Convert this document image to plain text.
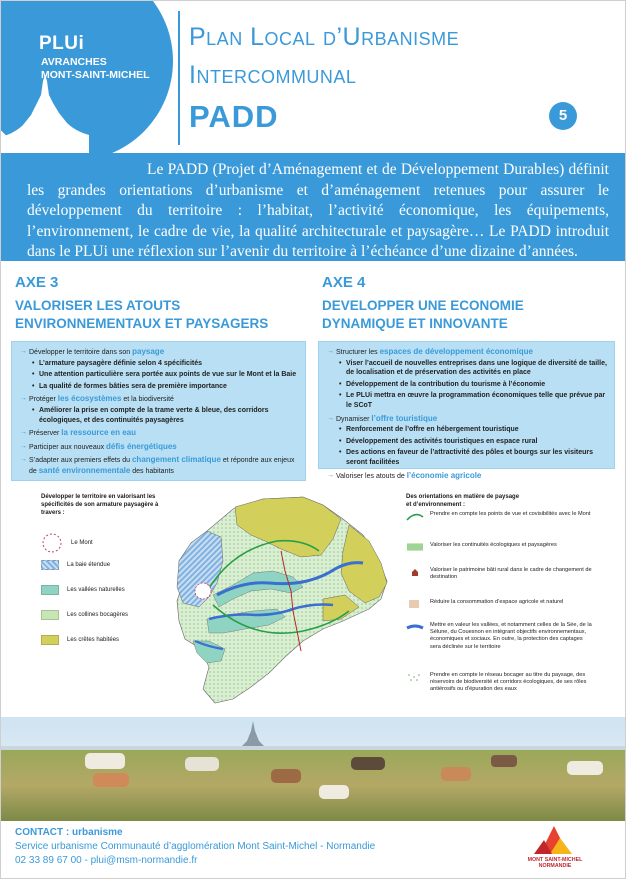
PLUi
AVRANCHES
MONT-SAINT-MICHEL
Plan Local d’Urbanisme
Intercommunal
PADD	5
Le PADD (Projet d’Aménagement et de Développement Durables) définit les grandes orientations d’urbanisme et d’aménagement retenues pour assurer le développement du territoire : l’habitat, l’activité économique, les équipements, l’environnement, le cadre de vie, la qualité architecturale et paysagère… Le PADD introduit dans le PLUi une réflexion sur l’avenir du territoire à l’échéance d’une dizaine d’années.
AXE 3
VALORISER LES ATOUTS
ENVIRONNEMENTAUX ET PAYSAGERS
→ Développer le territoire dans son paysage
• L’armature paysagère définie selon 4 spécificités
• Une attention particulière sera portée aux points de vue sur le Mont et la Baie
• La qualité de formes bâties sera de première importance
→ Protéger les écosystèmes et la biodiversité
• Améliorer la prise en compte de la trame verte & bleue, des corridors écologiques, et des continuités paysagères
→ Préserver la ressource en eau
→ Participer aux nouveaux défis énergétiques
→ S’adapter aux premiers effets du changement climatique et répondre aux enjeux de santé environnementale des habitants
AXE 4
DEVELOPPER UNE ECONOMIE
DYNAMIQUE ET INNOVANTE
→ Structurer les espaces de développement économique
• Viser l’accueil de nouvelles entreprises dans une logique de diversité de taille, de localisation et de préservation des activités en place
• Développement de la contribution du tourisme à l’économie
• Le PLUi mettra en œuvre la programmation économiques telle que prévue par le SCoT
→ Dynamiser l’offre touristique
• Renforcement de l’offre en hébergement touristique
• Développement des activités touristiques en espace rural
• Des actions en faveur de l’attractivité des pôles et bourgs sur les visiteurs seront facilitées
→ Valoriser les atouts de l’économie agricole
Développer le territoire en valorisant les spécificités de son armature paysagère à travers :
Le Mont
La baie étendue
Les vallées naturelles
Les collines bocagères
Les crêtes habitées
Des orientations en matière de paysage et d’environnement :
Prendre en compte les points de vue et covisibilités avec le Mont
Valoriser les continuités écologiques et paysagères
Valoriser le patrimoine bâti rural dans le cadre de changement de destination
Réduire la consommation d’espace agricole et naturel
Mettre en valeur les vallées, et notamment celles de la Sée, de la Sélune, du Couesnon en intégrant objectifs environnementaux, économiques et sociaux. En outre, la protection des captages sera déclinée sur le territoire
Prendre en compte le réseau bocager au titre du paysage, des réservoirs de biodiversité et corridors écologiques, de ses rôles antiérosifs ou d’épuration des eaux
CONTACT : urbanisme
Service urbanisme Communauté d’agglomération Mont Saint-Michel - Normandie
02 33 89 67 00 - plui@msm-normandie.fr	MONT SAINT-MICHEL
NORMANDIE
